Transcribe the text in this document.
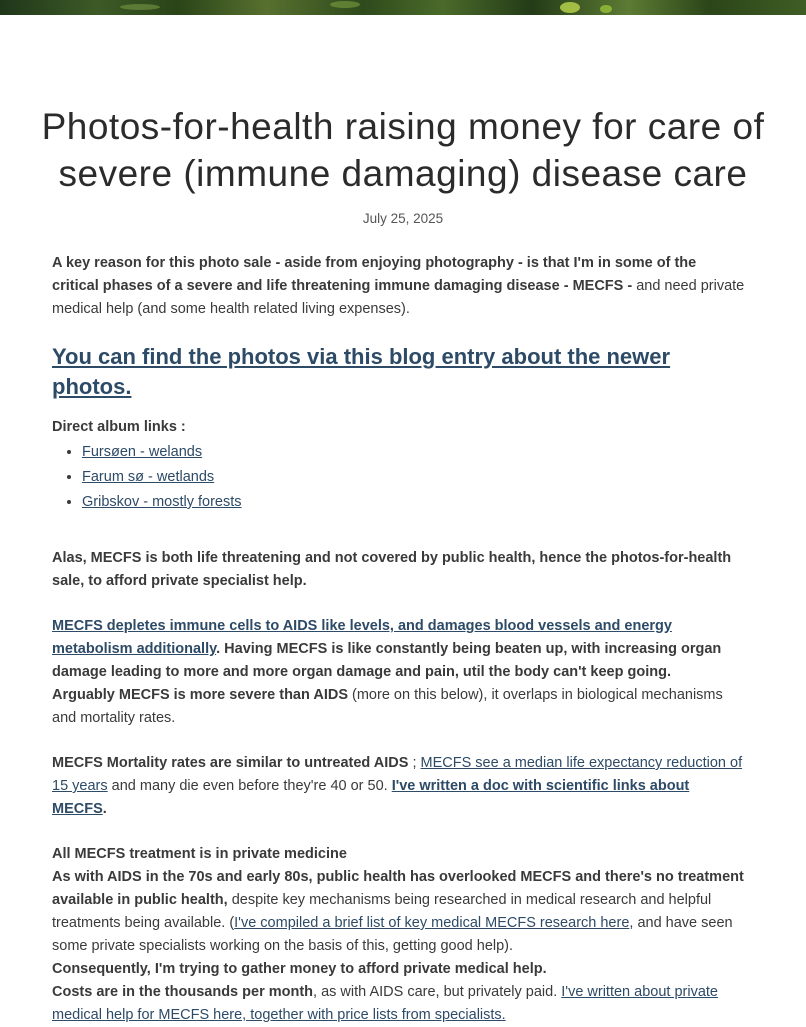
Photos-for-health raising money for care of severe (immune damaging) disease care
July 25, 2025

A key reason for this photo sale - aside from enjoying photography - is that I'm in some of the critical phases of a severe and life threatening immune damaging disease - MECFS - and need private medical help (and some health related living expenses).

You can find the photos via this blog entry about the newer photos.
Direct album links :
• Fursøen - welands
• Farum sø - wetlands
• Gribskov - mostly forests

Alas, MECFS is both life threatening and not covered by public health, hence the photos-for-health sale, to afford private specialist help.

MECFS depletes immune cells to AIDS like levels, and damages blood vessels and energy metabolism additionally. Having MECFS is like constantly being beaten up, with increasing organ damage leading to more and more organ damage and pain, util the body can't keep going.
Arguably MECFS is more severe than AIDS (more on this below), it overlaps in biological mechanisms and mortality rates.

MECFS Mortality rates are similar to untreated AIDS ; MECFS see a median life expectancy reduction of 15 years and many die even before they're 40 or 50. I've written a doc with scientific links about MECFS.

All MECFS treatment is in private medicine
As with AIDS in the 70s and early 80s, public health has overlooked MECFS and there's no treatment available in public health, despite key mechanisms being researched in medical research and helpful treatments being available. (I've compiled a brief list of key medical MECFS research here, and have seen some private specialists working on the basis of this, getting good help).
Consequently, I'm trying to gather money to afford private medical help.
Costs are in the thousands per month, as with AIDS care, but privately paid. I've written about private medical help for MECFS here, together with price lists from specialists.
